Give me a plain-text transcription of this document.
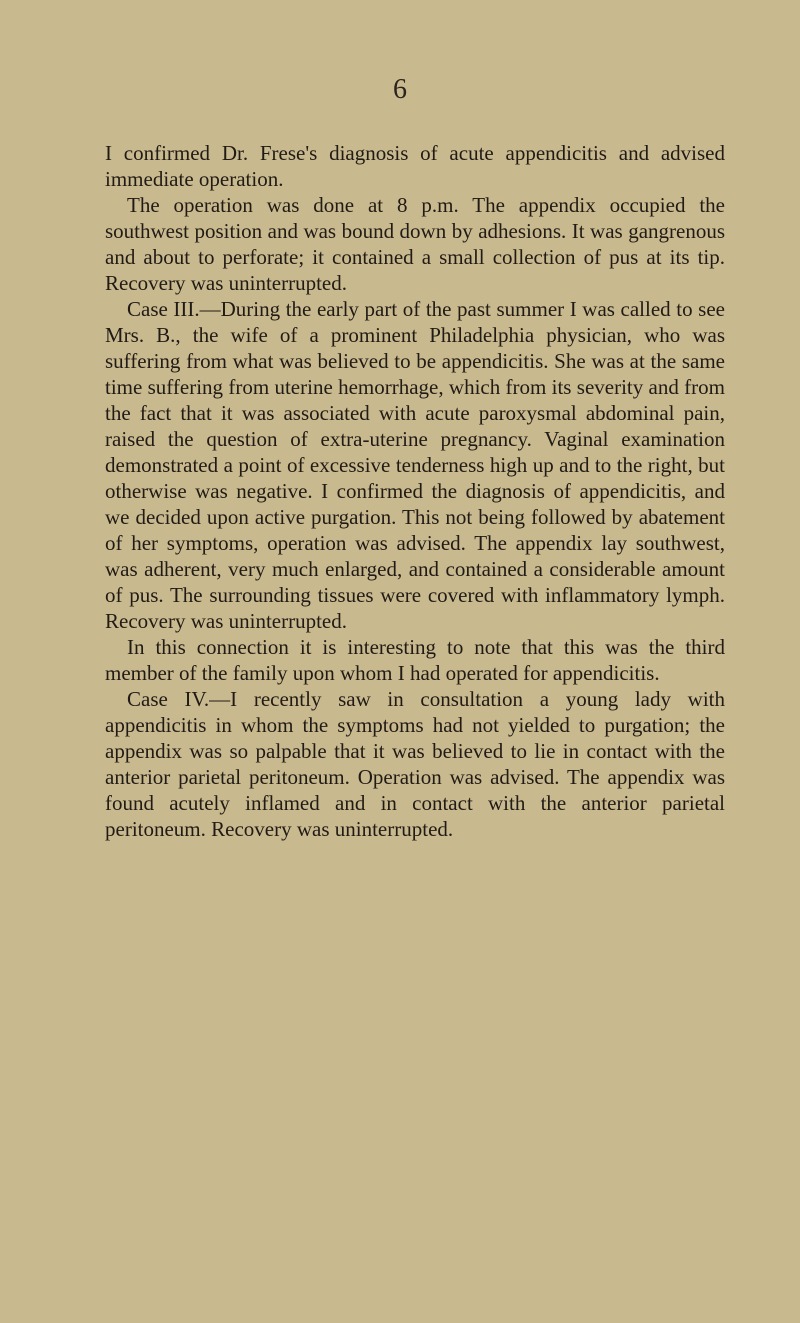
6

I confirmed Dr. Frese's diagnosis of acute appendicitis and advised immediate operation.

The operation was done at 8 p.m. The appendix occupied the southwest position and was bound down by adhesions. It was gangrenous and about to perforate; it contained a small collection of pus at its tip. Recovery was uninterrupted.

Case III.—During the early part of the past summer I was called to see Mrs. B., the wife of a prominent Philadelphia physician, who was suffering from what was believed to be appendicitis. She was at the same time suffering from uterine hemorrhage, which from its severity and from the fact that it was associated with acute paroxysmal abdominal pain, raised the question of extra-uterine pregnancy. Vaginal examination demonstrated a point of excessive tenderness high up and to the right, but otherwise was negative. I confirmed the diagnosis of appendicitis, and we decided upon active purgation. This not being followed by abatement of her symptoms, operation was advised. The appendix lay southwest, was adherent, very much enlarged, and contained a considerable amount of pus. The surrounding tissues were covered with inflammatory lymph. Recovery was uninterrupted.

In this connection it is interesting to note that this was the third member of the family upon whom I had operated for appendicitis.

Case IV.—I recently saw in consultation a young lady with appendicitis in whom the symptoms had not yielded to purgation; the appendix was so palpable that it was believed to lie in contact with the anterior parietal peritoneum. Operation was advised. The appendix was found acutely inflamed and in contact with the anterior parietal peritoneum. Recovery was uninterrupted.
